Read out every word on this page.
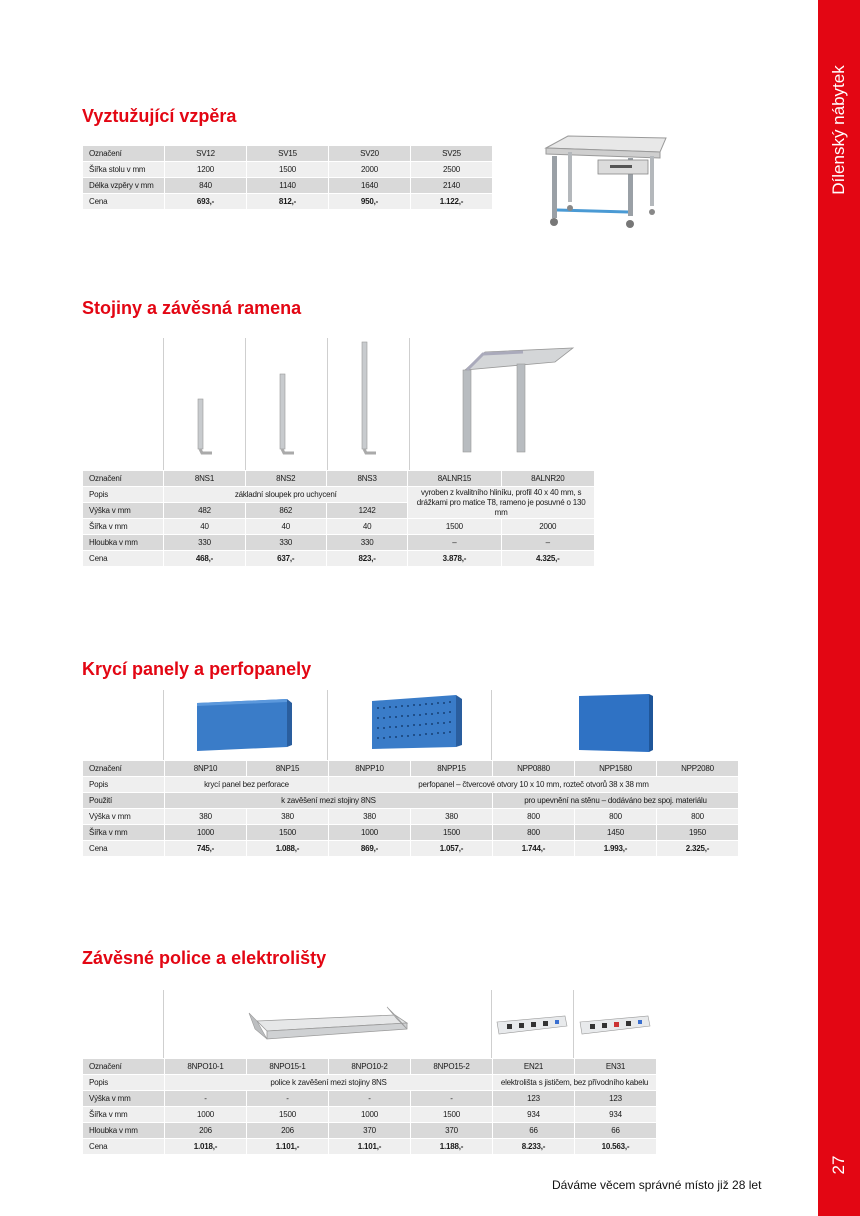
Dílenský nábytek
27
Vyztužující vzpěra
Označení	SV12	SV15	SV20	SV25
Šířka stolu v mm	1200	1500	2000	2500
Délka vzpěry v mm	840	1140	1640	2140
Cena	693,-	812,-	950,-	1.122,-
Stojiny a závěsná ramena
Označení	8NS1	8NS2	8NS3	8ALNR15	8ALNR20
Popis	základní sloupek pro uchycení			vyroben z kvalitního hliníku, profil 40 x 40 mm, s drážkami pro matice T8, rameno je posuvné o 130 mm	
Výška v mm	482	862	1242		
Šířka v mm	40	40	40	1500	2000
Hloubka v mm	330	330	330	–	–
Cena	468,-	637,-	823,-	3.878,-	4.325,-
Krycí panely a perfopanely
Označení	8NP10	8NP15	8NPP10	8NPP15	NPP0880	NPP1580	NPP2080
Popis	krycí panel bez perforace		perfopanel – čtvercové otvory 10 x 10 mm, rozteč otvorů 38 x 38 mm				
Použití	k zavěšení mezi stojiny 8NS				pro upevnění na stěnu – dodáváno bez spoj. materiálu		
Výška v mm	380	380	380	380	800	800	800
Šířka v mm	1000	1500	1000	1500	800	1450	1950
Cena	745,-	1.088,-	869,-	1.057,-	1.744,-	1.993,-	2.325,-
Závěsné police a elektrolišty
Označení	8NPO10-1	8NPO15-1	8NPO10-2	8NPO15-2	EN21	EN31
Popis	police k zavěšení mezi stojiny 8NS				elektrolišta s jističem, bez přívodního kabelu	
Výška v mm	-	-	-	-	123	123
Šířka v mm	1000	1500	1000	1500	934	934
Hloubka v mm	206	206	370	370	66	66
Cena	1.018,-	1.101,-	1.101,-	1.188,-	8.233,-	10.563,-
Dáváme věcem správné místo již 28 let
